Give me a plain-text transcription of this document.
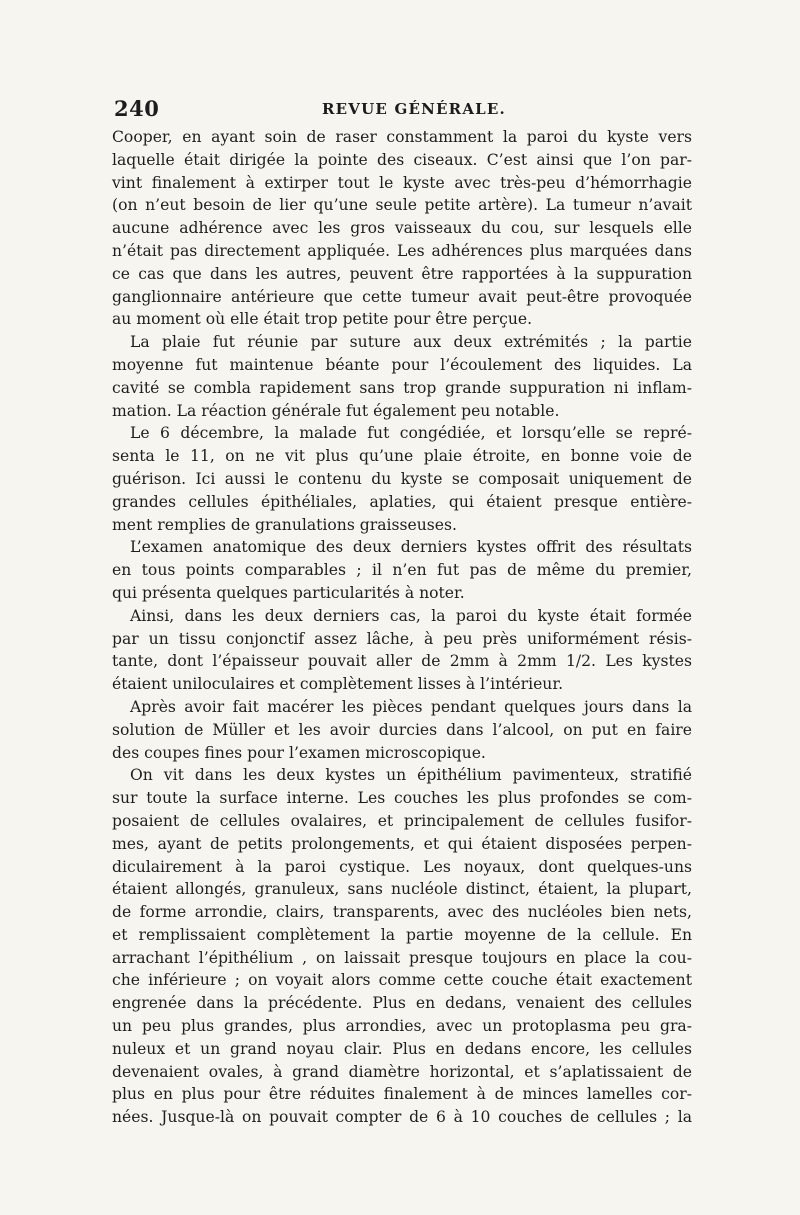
240	REVUE GÉNÉRALE.
Cooper, en ayant soin de raser constamment la paroi du kyste vers
laquelle était dirigée la pointe des ciseaux. C’est ainsi que l’on par-
vint finalement à extirper tout le kyste avec très-peu d’hémorrhagie
(on n’eut besoin de lier qu’une seule petite artère). La tumeur n’avait
aucune adhérence avec les gros vaisseaux du cou, sur lesquels elle
n’était pas directement appliquée. Les adhérences plus marquées dans
ce cas que dans les autres, peuvent être rapportées à la suppuration
ganglionnaire antérieure que cette tumeur avait peut-être provoquée
au moment où elle était trop petite pour être perçue.
La plaie fut réunie par suture aux deux extrémités ; la partie
moyenne fut maintenue béante pour l’écoulement des liquides. La
cavité se combla rapidement sans trop grande suppuration ni inflam-
mation. La réaction générale fut également peu notable.
Le 6 décembre, la malade fut congédiée, et lorsqu’elle se repré-
senta le 11, on ne vit plus qu’une plaie étroite, en bonne voie de
guérison. Ici aussi le contenu du kyste se composait uniquement de
grandes cellules épithéliales, aplaties, qui étaient presque entière-
ment remplies de granulations graisseuses.
L’examen anatomique des deux derniers kystes offrit des résultats
en tous points comparables ; il n’en fut pas de même du premier,
qui présenta quelques particularités à noter.
Ainsi, dans les deux derniers cas, la paroi du kyste était formée
par un tissu conjonctif assez lâche, à peu près uniformément résis-
tante, dont l’épaisseur pouvait aller de 2mm à 2mm 1/2. Les kystes
étaient uniloculaires et complètement lisses à l’intérieur.
Après avoir fait macérer les pièces pendant quelques jours dans la
solution de Müller et les avoir durcies dans l’alcool, on put en faire
des coupes fines pour l’examen microscopique.
On vit dans les deux kystes un épithélium pavimenteux, stratifié
sur toute la surface interne. Les couches les plus profondes se com-
posaient de cellules ovalaires, et principalement de cellules fusifor-
mes, ayant de petits prolongements, et qui étaient disposées perpen-
diculairement à la paroi cystique. Les noyaux, dont quelques-uns
étaient allongés, granuleux, sans nucléole distinct, étaient, la plupart,
de forme arrondie, clairs, transparents, avec des nucléoles bien nets,
et remplissaient complètement la partie moyenne de la cellule. En
arrachant l’épithélium , on laissait presque toujours en place la cou-
che inférieure ; on voyait alors comme cette couche était exactement
engrenée dans la précédente. Plus en dedans, venaient des cellules
un peu plus grandes, plus arrondies, avec un protoplasma peu gra-
nuleux et un grand noyau clair. Plus en dedans encore, les cellules
devenaient ovales, à grand diamètre horizontal, et s’aplatissaient de
plus en plus pour être réduites finalement à de minces lamelles cor-
nées. Jusque-là on pouvait compter de 6 à 10 couches de cellules ; la
